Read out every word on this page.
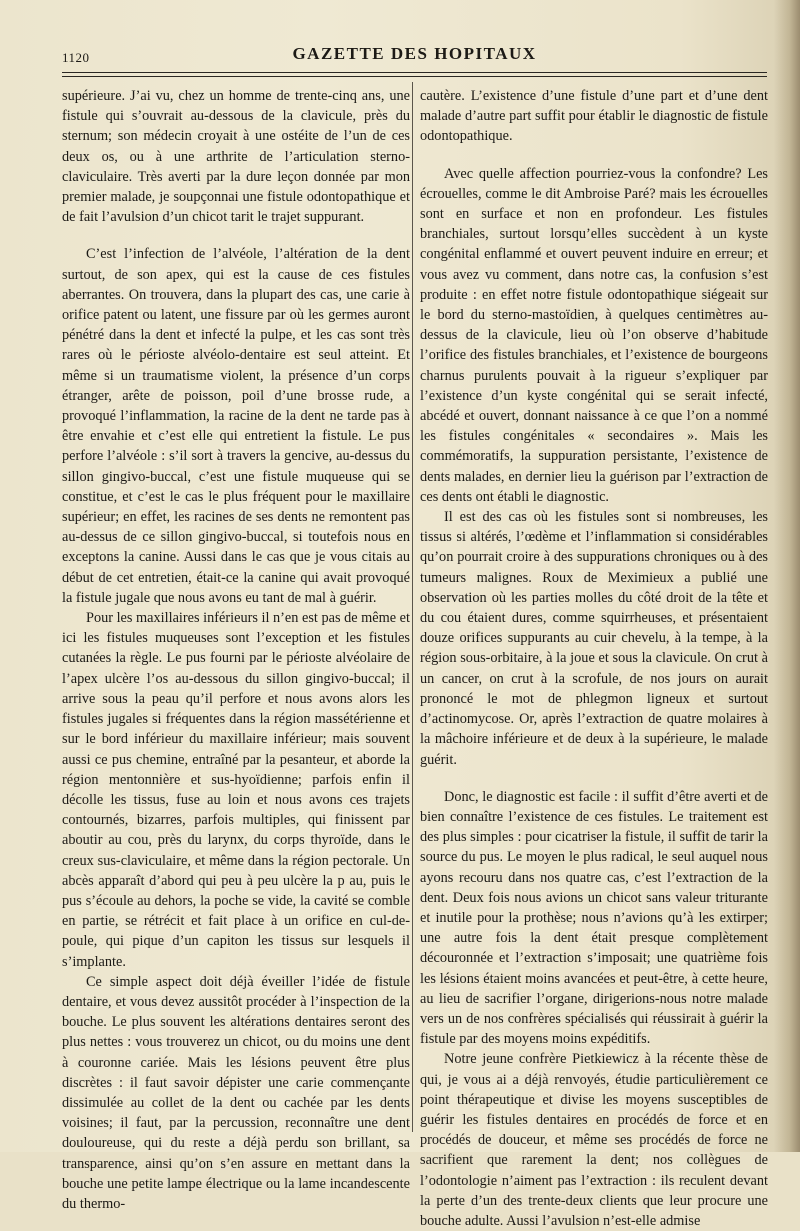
1120	GAZETTE DES HOPITAUX

supérieure. J’ai vu, chez un homme de trente-cinq ans, une fistule qui s’ouvrait au-dessous de la clavicule, près du sternum; son médecin croyait à une ostéite de l’un de ces deux os, ou à une arthrite de l’articulation sterno-claviculaire. Très averti par la dure leçon donnée par mon premier malade, je soupçonnai une fistule odontopathique et de fait l’avulsion d’un chicot tarit le trajet suppurant.

C’est l’infection de l’alvéole, l’altération de la dent surtout, de son apex, qui est la cause de ces fistules aberrantes. On trouvera, dans la plupart des cas, une carie à orifice patent ou latent, une fissure par où les germes auront pénétré dans la dent et infecté la pulpe, et les cas sont très rares où le périoste alvéolo-dentaire est seul atteint. Et même si un traumatisme violent, la présence d’un corps étranger, arête de poisson, poil d’une brosse rude, a provoqué l’inflammation, la racine de la dent ne tarde pas à être envahie et c’est elle qui entretient la fistule. Le pus perfore l’alvéole : s’il sort à travers la gencive, au-dessus du sillon gingivo-buccal, c’est une fistule muqueuse qui se constitue, et c’est le cas le plus fréquent pour le maxillaire supérieur; en effet, les racines de ses dents ne remontent pas au-dessus de ce sillon gingivo-buccal, si toutefois nous en exceptons la canine. Aussi dans le cas que je vous citais au début de cet entretien, était-ce la canine qui avait provoqué la fistule jugale que nous avons eu tant de mal à guérir.

Pour les maxillaires inférieurs il n’en est pas de même et ici les fistules muqueuses sont l’exception et les fistules cutanées la règle. Le pus fourni par le périoste alvéolaire de l’apex ulcère l’os au-dessous du sillon gingivo-buccal; il arrive sous la peau qu’il perfore et nous avons alors les fistules jugales si fréquentes dans la région massétérienne et sur le bord inférieur du maxillaire inférieur; mais souvent aussi ce pus chemine, entraîné par la pesanteur, et aborde la région mentonnière et sus-hyoïdienne; parfois enfin il décolle les tissus, fuse au loin et nous avons ces trajets contournés, bizarres, parfois multiples, qui finissent par aboutir au cou, près du larynx, du corps thyroïde, dans le creux sus-claviculaire, et même dans la région pectorale. Un abcès apparaît d’abord qui peu à peu ulcère la p au, puis le pus s’écoule au dehors, la poche se vide, la cavité se comble en partie, se rétrécit et fait place à un orifice en cul-de-poule, qui pique d’un capiton les tissus sur lesquels il s’implante.

Ce simple aspect doit déjà éveiller l’idée de fistule dentaire, et vous devez aussitôt procéder à l’inspection de la bouche. Le plus souvent les altérations dentaires seront des plus nettes : vous trouverez un chicot, ou du moins une dent à couronne cariée. Mais les lésions peuvent être plus discrètes : il faut savoir dépister une carie commençante dissimulée au collet de la dent ou cachée par les dents voisines; il faut, par la percussion, reconnaître une dent douloureuse, qui du reste a déjà perdu son brillant, sa transparence, ainsi qu’on s’en assure en mettant dans la bouche une petite lampe électrique ou la lame incandescente du thermo-

cautère. L’existence d’une fistule d’une part et d’une dent malade d’autre part suffit pour établir le diagnostic de fistule odontopathique.

Avec quelle affection pourriez-vous la confondre? Les écrouelles, comme le dit Ambroise Paré? mais les écrouelles sont en surface et non en profondeur. Les fistules branchiales, surtout lorsqu’elles succèdent à un kyste congénital enflammé et ouvert peuvent induire en erreur; et vous avez vu comment, dans notre cas, la confusion s’est produite : en effet notre fistule odontopathique siégeait sur le bord du sterno-mastoïdien, à quelques centimètres au-dessus de la clavicule, lieu où l’on observe d’habitude l’orifice des fistules branchiales, et l’existence de bourgeons charnus purulents pouvait à la rigueur s’expliquer par l’existence d’un kyste congénital qui se serait infecté, abcédé et ouvert, donnant naissance à ce que l’on a nommé les fistules congénitales « secondaires ». Mais les commémoratifs, la suppuration persistante, l’existence de dents malades, en dernier lieu la guérison par l’extraction de ces dents ont établi le diagnostic.

Il est des cas où les fistules sont si nombreuses, les tissus si altérés, l’œdème et l’inflammation si considérables qu’on pourrait croire à des suppurations chroniques ou à des tumeurs malignes. Roux de Meximieux a publié une observation où les parties molles du côté droit de la tête et du cou étaient dures, comme squirrheuses, et présentaient douze orifices suppurants au cuir chevelu, à la tempe, à la région sous-orbitaire, à la joue et sous la clavicule. On crut à un cancer, on crut à la scrofule, de nos jours on aurait prononcé le mot de phlegmon ligneux et surtout d’actinomycose. Or, après l’extraction de quatre molaires à la mâchoire inférieure et de deux à la supérieure, le malade guérit.

Donc, le diagnostic est facile : il suffit d’être averti et de bien connaître l’existence de ces fistules. Le traitement est des plus simples : pour cicatriser la fistule, il suffit de tarir la source du pus. Le moyen le plus radical, le seul auquel nous ayons recouru dans nos quatre cas, c’est l’extraction de la dent. Deux fois nous avions un chicot sans valeur triturante et inutile pour la prothèse; nous n’avions qu’à les extirper; une autre fois la dent était presque complètement découronnée et l’extraction s’imposait; une quatrième fois les lésions étaient moins avancées et peut-être, à cette heure, au lieu de sacrifier l’organe, dirigerions-nous notre malade vers un de nos confrères spécialisés qui réussirait à guérir la fistule par des moyens moins expéditifs.

Notre jeune confrère Pietkiewicz à la récente thèse de qui, je vous ai a déjà renvoyés, étudie particulièrement ce point thérapeutique et divise les moyens susceptibles de guérir les fistules dentaires en procédés de force et en procédés de douceur, et même ses procédés de force ne sacrifient que rarement la dent; nos collègues de l’odontologie n’aiment pas l’extraction : ils reculent devant la perte d’un des trente-deux clients que leur procure une bouche adulte. Aussi l’avulsion n’est-elle admise
